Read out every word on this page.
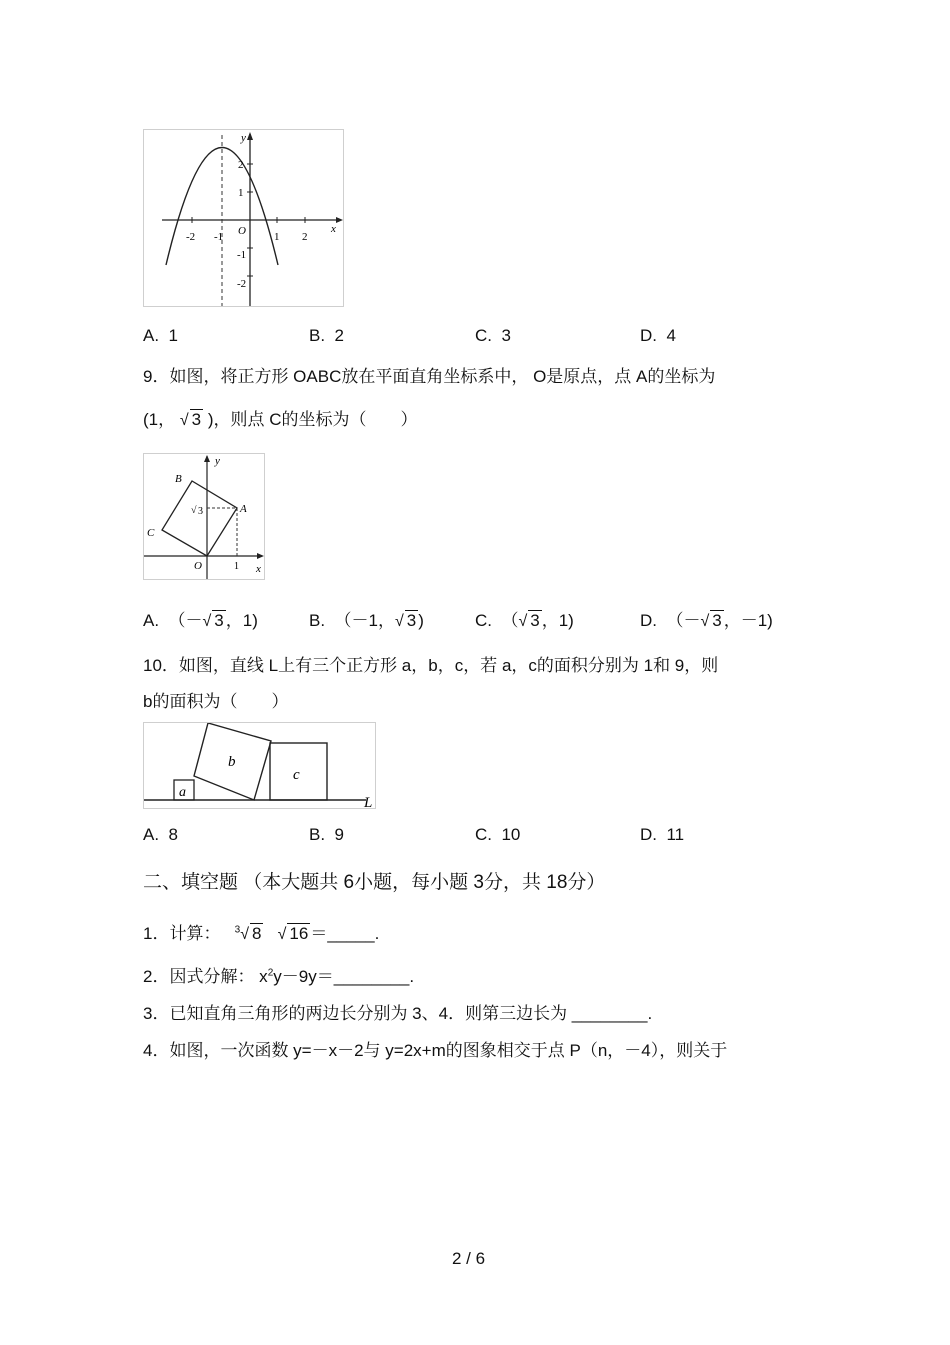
y
x
O
-2 -1	1 2
2
1
-1
-2
A. 1	B. 2	C. 3	D. 4
9．如图，将正方形 OABC放在平面直角坐标系中， O是原点，点 A的坐标为
(1， √ 3 )，则点 C的坐标为（　　）
B
C
A
O
y
x
1
√ 3
A. （－√ 3 ，1)	B. （－1，√ 3 )	C. （√ 3 ，1)	D. （－√ 3 ，－1)
10．如图，直线 L上有三个正方形 a，b，c，若 a，c的面积分别为 1和 9，则
b的面积为（　　）
a
b
c
L
A. 8	B. 9	C. 10	D. 11
二、填空题 （本大题共 6小题，每小题 3分，共 18分）
1．计算： $^3$√ 8 √ 16 ＝_____.
2．因式分解： $x^2y-9y=\_\_\_\_\_\_\_\_$.
3．已知直角三角形的两边长分别为 3、4．则第三边长为 ________.
4．如图，一次函数 y=－x－2与 y=2x+m的图象相交于点 P（n，－4），则关于
2 / 6
